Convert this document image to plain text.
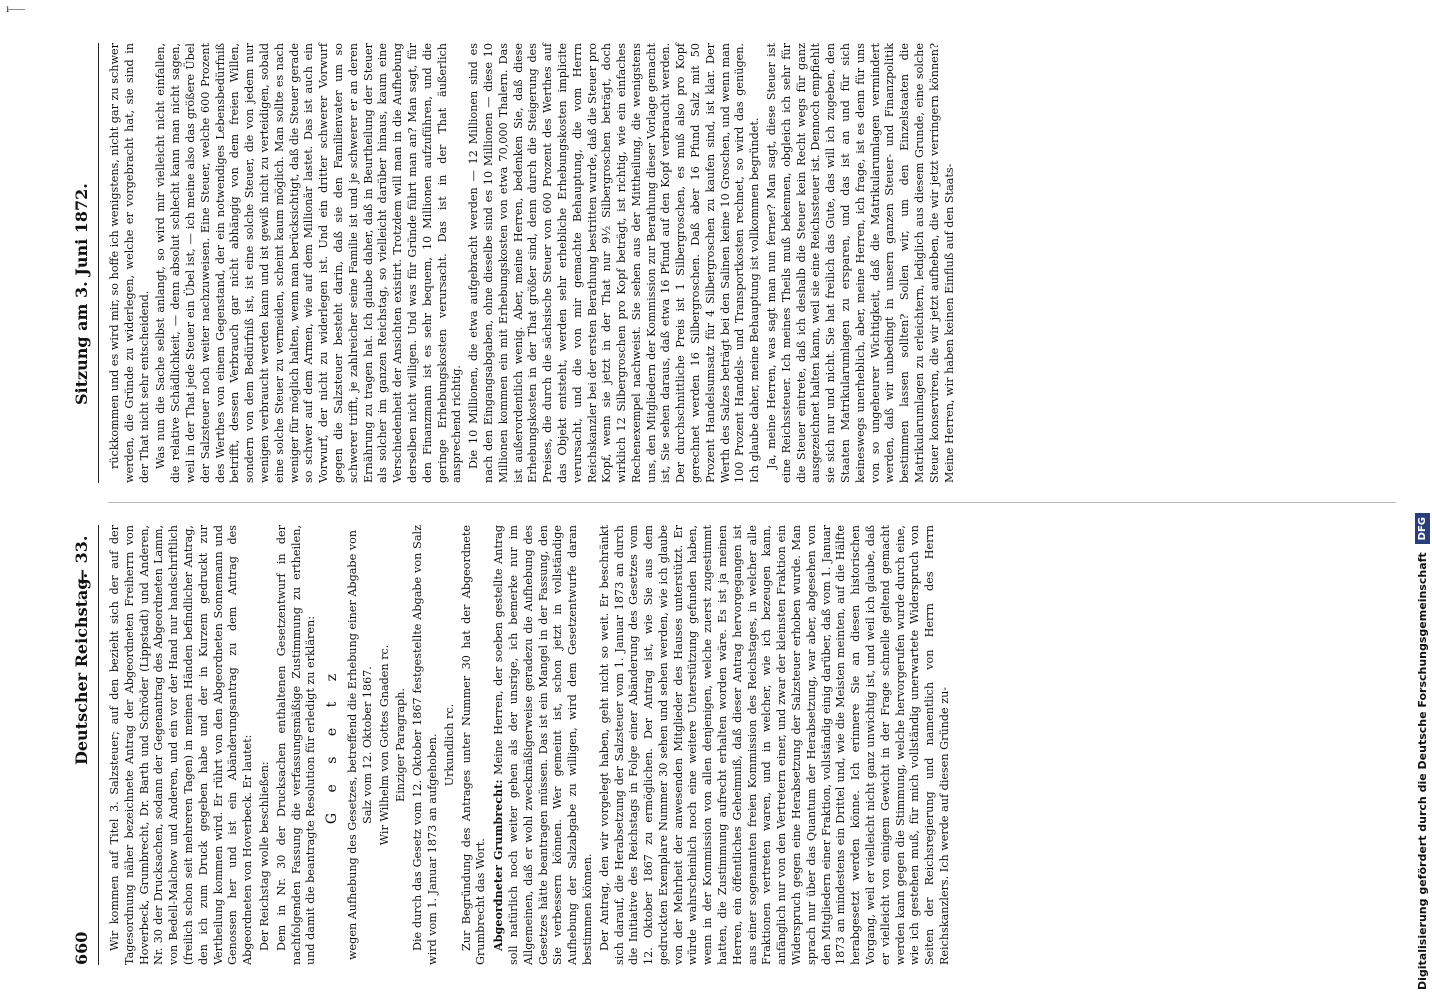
ı ̶ ̶ ̶ ̶
660
Deutscher Reichstag.
— 33.
Sitzung am 3. Juni 1872.

Wir kommen auf Titel 3. Salzsteuer; auf den bezieht sich der auf der Tagesordnung näher bezeichnete Antrag der Abgeordneten Freiherrn von Hoverbeck, Grumbrecht, Dr. Barth und Schröder (Lippstadt) und Anderen, Nr. 30 der Drucksachen, sodann der Gegenantrag des Abgeordneten Lamm, von Bedell-Malchow und Anderen, und ein vor der Hand nur handschriftlich (freilich schon seit mehreren Tagen) in meinen Händen befindlicher Antrag, den ich zum Druck gegeben habe und der in Kurzem gedruckt zur Vertheilung kommen wird. Er rührt von den Abgeordneten Sonnemann und Genossen her und ist ein Abänderungsantrag zu dem Antrag des Abgeordneten von Hoverbeck. Er lautet: Der Reichstag wolle beschließen: Dem in Nr. 30 der Drucksachen enthaltenen Gesetzentwurf in der nachfolgenden Fassung die verfassungsmäßige Zustimmung zu ertheilen, und damit die beantragte Resolution für erledigt zu erklären: G e s e t z wegen Aufhebung des Gesetzes, betreffend die Erhebung einer Abgabe von Salz vom 12. Oktober 1867. Wir Wilhelm von Gottes Gnaden rc. Einziger Paragraph. Die durch das Gesetz vom 12. Oktober 1867 festgestellte Abgabe von Salz wird vom 1. Januar 1873 an aufgehoben. Urkundlich rc. Zur Begründung des Antrages unter Nummer 30 hat der Abgeordnete Grumbrecht das Wort. Abgeordneter Grumbrecht: Meine Herren, der soeben gestellte Antrag soll natürlich noch weiter gehen als der unsrige, ich bemerke nur im Allgemeinen, daß er wohl zweckmäßigerweise geradezu die Aufhebung des Gesetzes hätte beantragen müssen. Das ist ein Mangel in der Fassung, den Sie verbessern können. Wer gemeint ist, schon jetzt in vollständige Aufhebung der Salzabgabe zu willigen, wird dem Gesetzentwurfe daran bestimmen können. Der Antrag, den wir vorgelegt haben, geht nicht so weit. Er beschränkt sich darauf, die Herabsetzung der Salzsteuer vom 1. Januar 1873 an durch die Initiative des Reichstags in Folge einer Abänderung des Gesetzes vom 12. Oktober 1867 zu ermöglichen. Der Antrag ist, wie Sie aus dem gedruckten Exemplare Nummer 30 sehen und sehen werden, wie ich glaube von der Mehrheit der anwesenden Mitglieder des Hauses unterstützt. Er würde wahrscheinlich noch eine weitere Unterstützung gefunden haben, wenn in der Kommission von allen denjenigen, welche zuerst zugestimmt hatten, die Zustimmung aufrecht erhalten worden wäre. Es ist ja meinen Herren, ein öffentliches Geheimniß, daß dieser Antrag hervorgegangen ist aus einer sogenannten freien Kommission des Reichstages, in welcher alle Fraktionen vertreten waren, und in welcher, wie ich bezeugen kann, anfänglich nur von den Vertretern einer, und zwar der kleinsten Fraktion ein Widerspruch gegen eine Herabsetzung der Salzsteuer erhoben wurde. Man sprach nur über das Quantum der Herabsetzung, war aber, abgesehen von den Mitgliedern einer Fraktion, vollständig einig darüber, daß vom 1. Januar 1873 an mindestens ein Drittel und, wie die Meisten meinten, auf die Hälfte herabgesetzt werden könne. Ich erinnere Sie an diesen historischen Vorgang, weil er vielleicht nicht ganz unwichtig ist, und weil ich glaube, daß er vielleicht von einigem Gewicht in der Frage schnelle geltend gemacht werden kann gegen die Stimmung, welche hervorgerufen wurde durch eine, wie ich gestehen muß, für mich vollständig unerwartete Widerspruch von Seiten der Reichsregierung und namentlich von Herrn des Herrn Reichskanzlers. Ich werde auf diesen Gründe zu-

rückkommen und es wird mir, so hoffe ich wenigstens, nicht gar zu schwer werden, die Gründe zu widerlegen, welche er vorgebracht hat, sie sind in der That nicht sehr entscheidend. Was nun die Sache selbst anlangt, so wird mir vielleicht nicht einfallen, die relative Schädlichkeit, — denn absolut schlecht kann man nicht sagen, weil in der That jede Steuer ein Übel ist, — ich meine also das größere Übel der Salzsteuer noch weiter nachzuweisen. Eine Steuer, welche 600 Prozent des Werthes von einem Gegenstand, der ein notwendiges Lebensbedürfniß betrifft, dessen Verbrauch gar nicht abhängig von dem freien Willen, sondern von dem Bedürfniß ist, ist eine solche Steuer, die von jedem nur wenigen verbraucht werden kann und ist gewiß nicht zu verteidigen, sobald eine solche Steuer zu vermeiden, scheint kaum möglich. Man sollte es nach weniger für möglich halten, wenn man berücksichtigt, daß die Steuer gerade so schwer auf dem Armen, wie auf dem Millionär lastet. Das ist auch ein Vorwurf, der nicht zu widerlegen ist. Und ein dritter schwerer Vorwurf gegen die Salzsteuer besteht darin, daß sie den Familienvater um so schwerer trifft, je zahlreicher seine Familie ist und je schwerer er an deren Ernährung zu tragen hat. Ich glaube daher, daß in Beurtheilung der Steuer als solcher im ganzen Reichstag, so vielleicht darüber hinaus, kaum eine Verschiedenheit der Ansichten existirt. Trotzdem will man in die Aufhebung derselben nicht willigen. Und was für Gründe führt man an? Man sagt, für den Finanzmann ist es sehr bequem, 10 Millionen aufzuführen, und die geringe Erhebungskosten verursacht. Das ist in der That äußerlich ansprechend richtig. Die 10 Millionen, die etwa aufgebracht werden — 12 Millionen sind es nach den Eingangsabgaben, ohne dieselbe sind es 10 Millionen — diese 10 Millionen kommen ein mit Erhebungskosten von etwa 70,000 Thalern. Das ist außerordentlich wenig. Aber, meine Herren, bedenken Sie, daß diese Erhebungskosten in der That größer sind, denn durch die Steigerung des Preises, die durch die sächsische Steuer von 600 Prozent des Werthes auf das Objekt entsteht, werden sehr erhebliche Erhebungskosten implicite verursacht, und die von mir gemachte Behauptung, die vom Herrn Reichskanzler bei der ersten Berathung bestritten wurde, daß die Steuer pro Kopf, wenn sie jetzt in der That nur 9½ Silbergroschen beträgt, doch wirklich 12 Silbergroschen pro Kopf beträgt, ist richtig, wie ein einfaches Rechenexempel nachweist. Sie sehen aus der Mittheilung, die wenigstens uns, den Mitgliedern der Kommission zur Berathung dieser Vorlage gemacht ist, Sie sehen daraus, daß etwa 16 Pfund auf den Kopf verbraucht werden. Der durchschnittliche Preis ist 1 Silbergroschen, es muß also pro Kopf gerechnet werden 16 Silbergroschen. Daß aber 16 Pfund Salz mit 50 Prozent Handelsumsatz für 4 Silbergroschen zu kaufen sind, ist klar. Der Werth des Salzes beträgt bei den Salinen keine 10 Groschen, und wenn man 100 Prozent Handels- und Transportkosten rechnet, so wird das genügen. Ich glaube daher, meine Behauptung ist vollkommen begründet. Ja, meine Herren, was sagt man nun ferner? Man sagt, diese Steuer ist eine Reichssteuer. Ich meines Theils muß bekennen, obgleich ich sehr für die Steuer eintrete, daß ich deshalb die Steuer kein Recht wegs für ganz ausgezeichnet halten kann, weil sie eine Reichssteuer ist. Dennoch empfiehlt sie sich nur und nicht. Sie hat freilich das Gute, das will ich zugeben, den Staaten Matrikularumlagen zu ersparen, und das ist an und für sich keineswegs unerheblich, aber, meine Herren, ich frage, ist es denn für uns von so ungeheurer Wichtigkeit, daß die Matrikularumlagen vermindert werden, daß wir unbedingt in unsern ganzen Steuer- und Finanzpolitik bestimmen lassen sollten? Sollen wir, um den Einzelstaaten die Matrikularumlagen zu erleichtern, lediglich aus diesem Grunde, eine solche Steuer konserviren, die wir jetzt aufheben, die wir jetzt verringern können? Meine Herren, wir haben keinen Einfluß auf den Staats-

Digitalisierung gefördert durch die Deutsche Forschungsgemeinschaft
DFG
